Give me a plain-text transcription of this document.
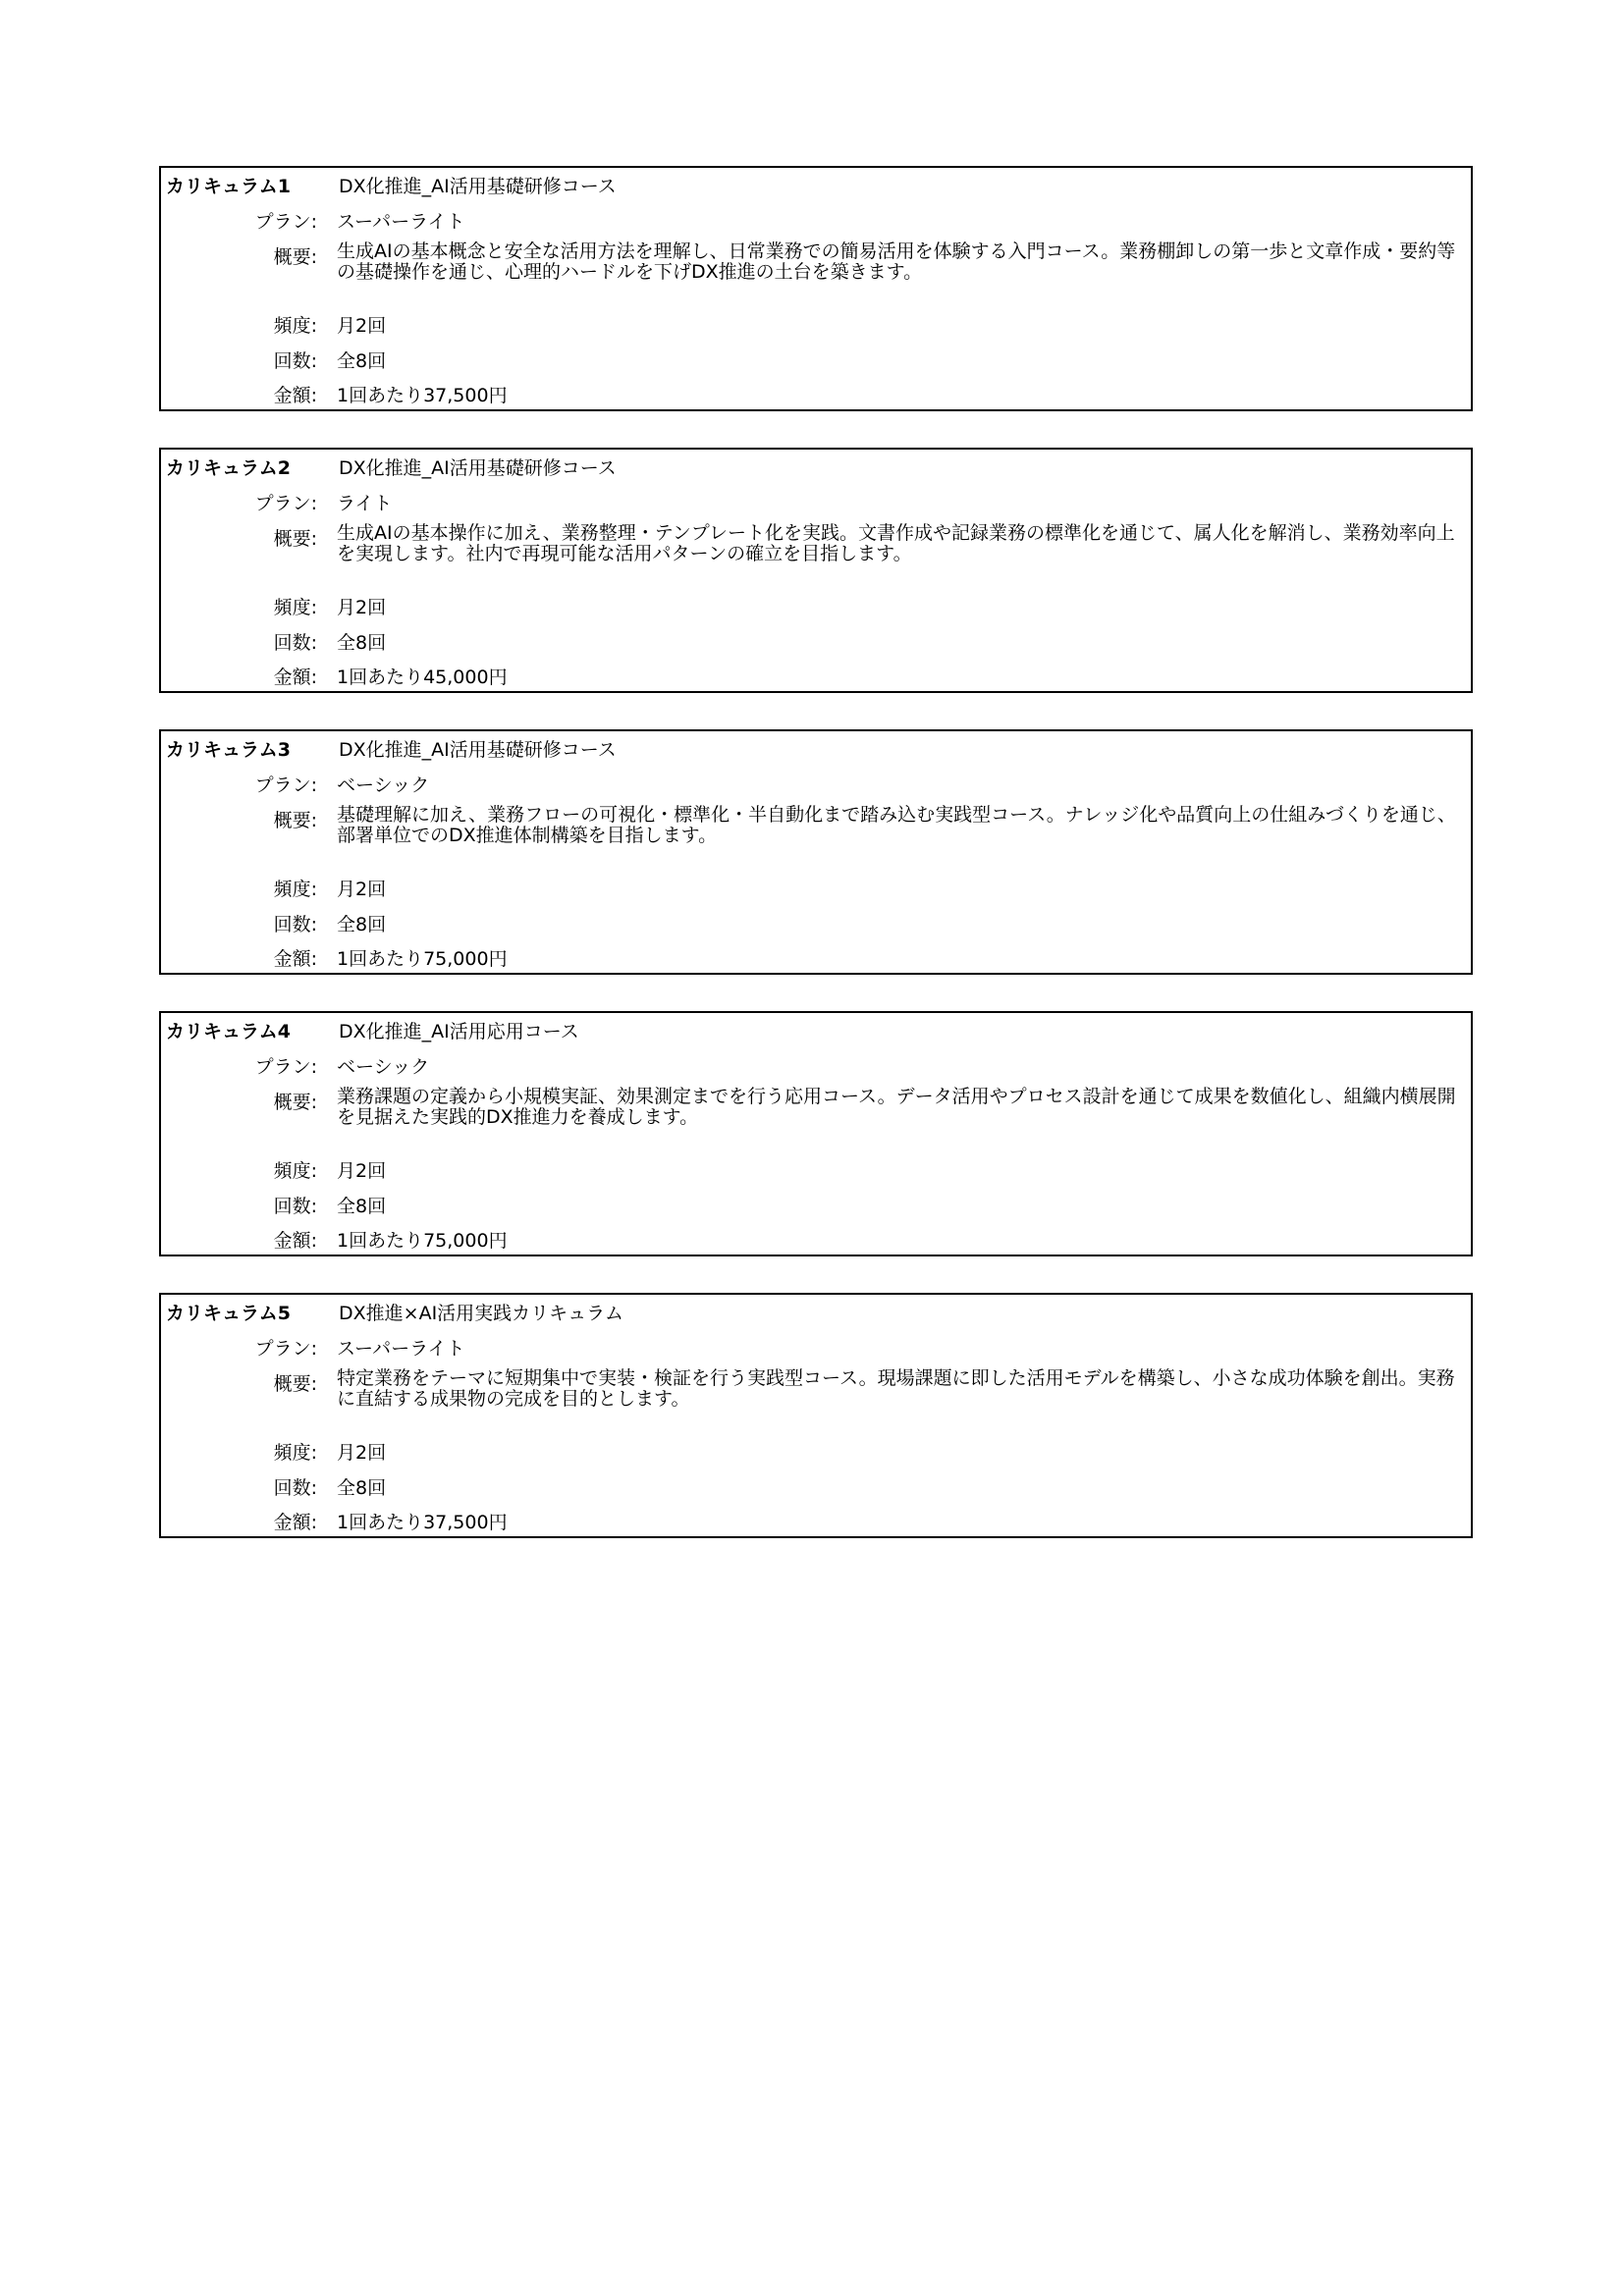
カリキュラム1	DX化推進_AI活用基礎研修コース
プラン: スーパーライト
概要: 生成AIの基本概念と安全な活用方法を理解し、日常業務での簡易活用を体験する入門コース。業務棚卸しの第一歩と文章作成・要約等の基礎操作を通じ、心理的ハードルを下げDX推進の土台を築きます。
頻度: 月2回
回数: 全8回
金額: 1回あたり37,500円
カリキュラム2	DX化推進_AI活用基礎研修コース
プラン: ライト
概要: 生成AIの基本操作に加え、業務整理・テンプレート化を実践。文書作成や記録業務の標準化を通じて、属人化を解消し、業務効率向上を実現します。社内で再現可能な活用パターンの確立を目指します。
頻度: 月2回
回数: 全8回
金額: 1回あたり45,000円
カリキュラム3	DX化推進_AI活用基礎研修コース
プラン: ベーシック
概要: 基礎理解に加え、業務フローの可視化・標準化・半自動化まで踏み込む実践型コース。ナレッジ化や品質向上の仕組みづくりを通じ、部署単位でのDX推進体制構築を目指します。
頻度: 月2回
回数: 全8回
金額: 1回あたり75,000円
カリキュラム4	DX化推進_AI活用応用コース
プラン: ベーシック
概要: 業務課題の定義から小規模実証、効果測定までを行う応用コース。データ活用やプロセス設計を通じて成果を数値化し、組織内横展開を見据えた実践的DX推進力を養成します。
頻度: 月2回
回数: 全8回
金額: 1回あたり75,000円
カリキュラム5	DX推進×AI活用実践カリキュラム
プラン: スーパーライト
概要: 特定業務をテーマに短期集中で実装・検証を行う実践型コース。現場課題に即した活用モデルを構築し、小さな成功体験を創出。実務に直結する成果物の完成を目的とします。
頻度: 月2回
回数: 全8回
金額: 1回あたり37,500円
